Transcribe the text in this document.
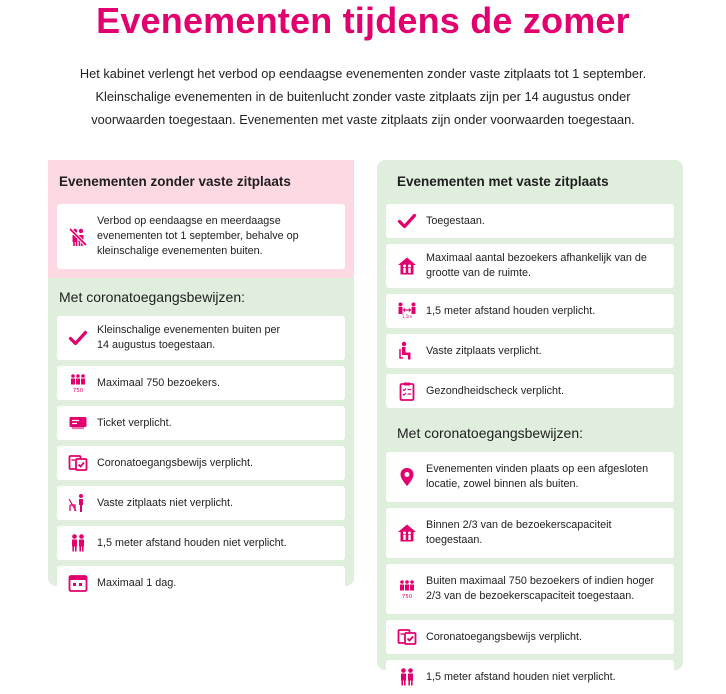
Evenementen tijdens de zomer
Het kabinet verlengt het verbod op eendaagse evenementen zonder vaste zitplaats tot 1 september.
Kleinschalige evenementen in de buitenlucht zonder vaste zitplaats zijn per 14 augustus onder
voorwaarden toegestaan. Evenementen met vaste zitplaats zijn onder voorwaarden toegestaan.
Evenementen zonder vaste zitplaats
Verbod op eendaagse en meerdaagse
evenementen tot 1 september, behalve op
kleinschalige evenementen buiten.
Met coronatoegangsbewijzen:
Kleinschalige evenementen buiten per
14 augustus toegestaan.
750
Maximaal 750 bezoekers.
Ticket verplicht.
Coronatoegangsbewijs verplicht.
Vaste zitplaats niet verplicht.
1,5 meter afstand houden niet verplicht.
Maximaal 1 dag.
Evenementen met vaste zitplaats
Toegestaan.
Maximaal aantal bezoekers afhankelijk van de
grootte van de ruimte.
1,5m 1,5 meter afstand houden verplicht.
Vaste zitplaats verplicht.
Gezondheidscheck verplicht.
Met coronatoegangsbewijzen:
Evenementen vinden plaats op een afgesloten
locatie, zowel binnen als buiten.
Binnen 2/3 van de bezoekerscapaciteit
toegestaan.
750
Buiten maximaal 750 bezoekers of indien hoger
2/3 van de bezoekerscapaciteit toegestaan.
Coronatoegangsbewijs verplicht.
1,5 meter afstand houden niet verplicht.
